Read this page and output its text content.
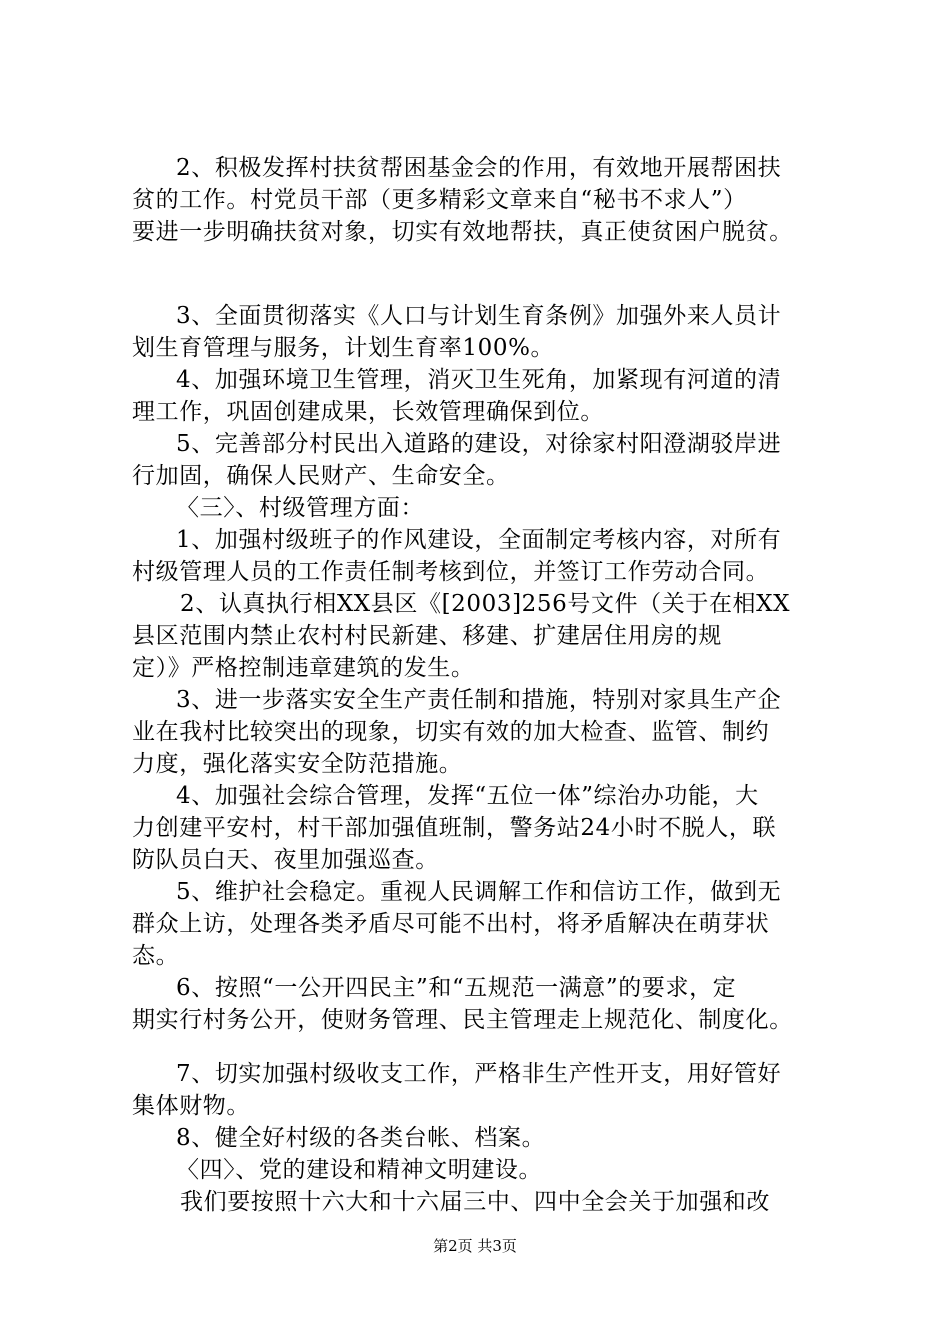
2、积极发挥村扶贫帮困基金会的作用，有效地开展帮困扶
贫的工作。村党员干部（更多精彩文章来自“秘书不求人”）
要进一步明确扶贫对象，切实有效地帮扶，真正使贫困户脱贫。
3、全面贯彻落实《人口与计划生育条例》加强外来人员计
划生育管理与服务，计划生育率100%。
4、加强环境卫生管理，消灭卫生死角，加紧现有河道的清
理工作，巩固创建成果，长效管理确保到位。
5、完善部分村民出入道路的建设，对徐家村阳澄湖驳岸进
行加固，确保人民财产、生命安全。
〈三〉、村级管理方面：
1、加强村级班子的作风建设，全面制定考核内容，对所有
村级管理人员的工作责任制考核到位，并签订工作劳动合同。
2、认真执行相XX县区《[2003]256号文件（关于在相XX
县区范围内禁止农村村民新建、移建、扩建居住用房的规
定）》严格控制违章建筑的发生。
3、进一步落实安全生产责任制和措施，特别对家具生产企
业在我村比较突出的现象，切实有效的加大检查、监管、制约
力度，强化落实安全防范措施。
4、加强社会综合管理，发挥“五位一体”综治办功能，大
力创建平安村，村干部加强值班制，警务站24小时不脱人，联
防队员白天、夜里加强巡查。
5、维护社会稳定。重视人民调解工作和信访工作，做到无
群众上访，处理各类矛盾尽可能不出村，将矛盾解决在萌芽状
态。
6、按照“一公开四民主”和“五规范一满意”的要求，定
期实行村务公开，使财务管理、民主管理走上规范化、制度化。
7、切实加强村级收支工作，严格非生产性开支，用好管好
集体财物。
8、健全好村级的各类台帐、档案。
〈四〉、党的建设和精神文明建设。
我们要按照十六大和十六届三中、四中全会关于加强和改
第2页 共3页
